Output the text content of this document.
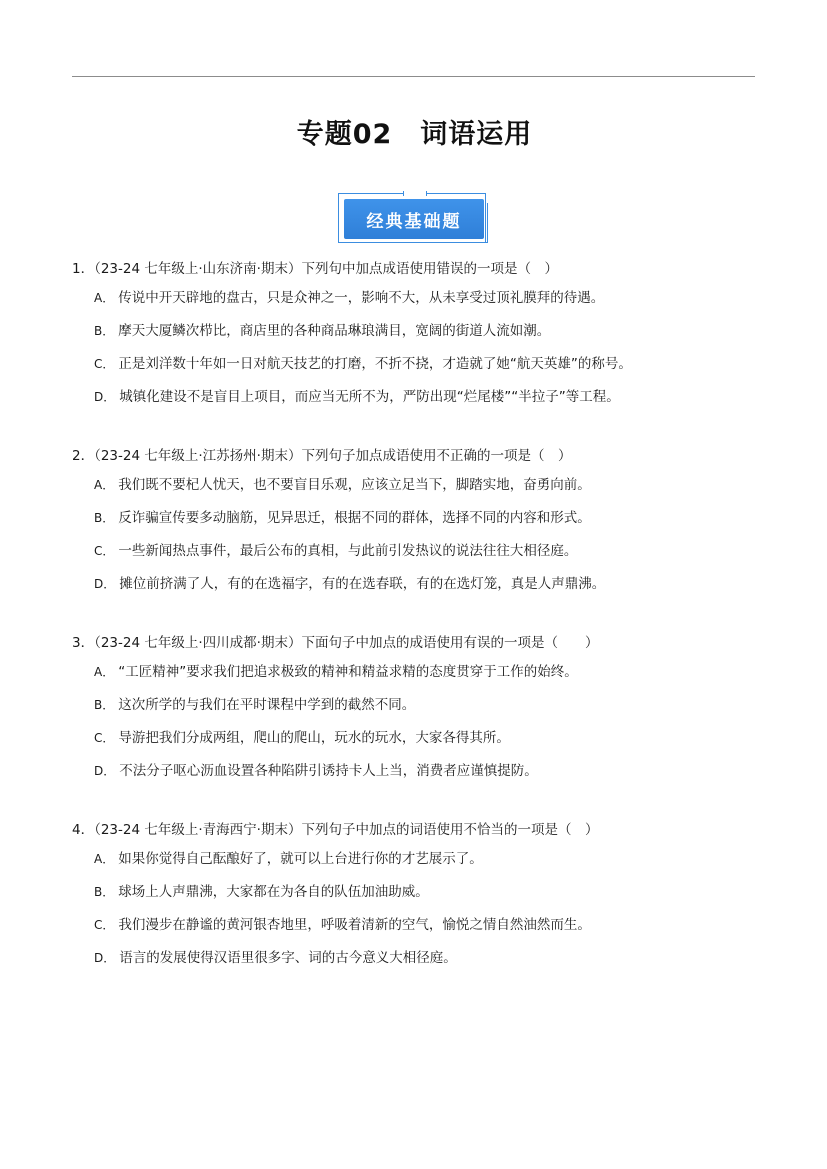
专题02　词语运用
经典基础题
1．（23-24 七年级上·山东济南·期末）下列句中加点成语使用错误的一项是（　）
A． 传说中开天辟地的盘古，只是众神之一，影响不大，从未享受过顶礼膜拜的待遇。
B． 摩天大厦鳞次栉比，商店里的各种商品琳琅满目，宽阔的街道人流如潮。
C． 正是刘洋数十年如一日对航天技艺的打磨，不折不挠，才造就了她“航天英雄”的称号。
D． 城镇化建设不是盲目上项目，而应当无所不为，严防出现“烂尾楼”“半拉子”等工程。
2．（23-24 七年级上·江苏扬州·期末）下列句子加点成语使用不正确的一项是（　）
A． 我们既不要杞人忧天，也不要盲目乐观，应该立足当下，脚踏实地，奋勇向前。
B． 反诈骗宣传要多动脑筋，见异思迁，根据不同的群体，选择不同的内容和形式。
C． 一些新闻热点事件，最后公布的真相，与此前引发热议的说法往往大相径庭。
D． 摊位前挤满了人，有的在选福字，有的在选春联，有的在选灯笼，真是人声鼎沸。
3．（23-24 七年级上·四川成都·期末）下面句子中加点的成语使用有误的一项是（　　）
A． “工匠精神”要求我们把追求极致的精神和精益求精的态度贯穿于工作的始终。
B． 这次所学的与我们在平时课程中学到的截然不同。
C． 导游把我们分成两组，爬山的爬山，玩水的玩水，大家各得其所。
D． 不法分子呕心沥血设置各种陷阱引诱持卡人上当，消费者应谨慎提防。
4．（23-24 七年级上·青海西宁·期末）下列句子中加点的词语使用不恰当的一项是（　）
A． 如果你觉得自己酝酿好了，就可以上台进行你的才艺展示了。
B． 球场上人声鼎沸，大家都在为各自的队伍加油助威。
C． 我们漫步在静谧的黄河银杏地里，呼吸着清新的空气，愉悦之情自然油然而生。
D． 语言的发展使得汉语里很多字、词的古今意义大相径庭。
